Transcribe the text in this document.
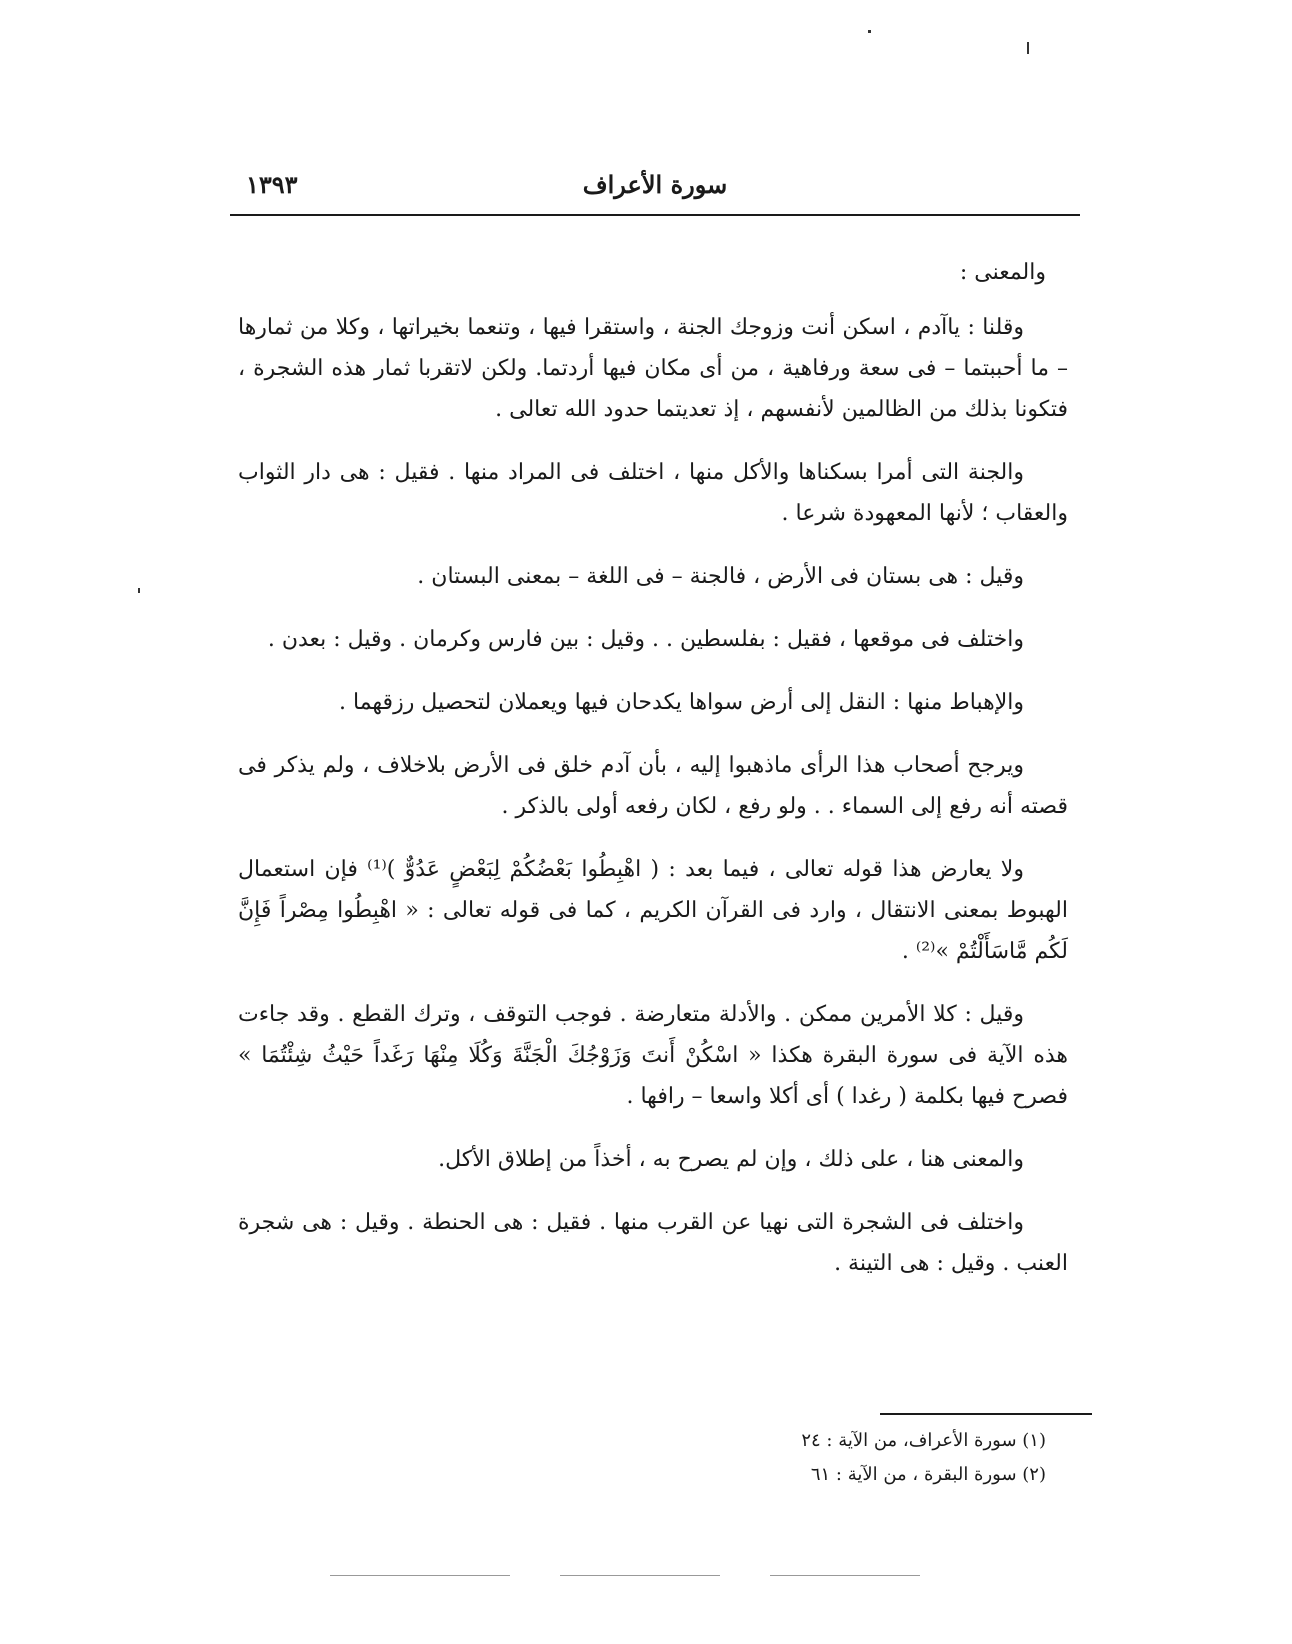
سورة الأعراف
١٣٩٣

والمعنى :

وقلنا : ياآدم ، اسكن أنت وزوجك الجنة ، واستقرا فيها ، وتنعما بخيراتها ، وكلا من ثمارها – ما أحببتما – فى سعة ورفاهية ، من أى مكان فيها أردتما. ولكن لاتقربا ثمار هذه الشجرة ، فتكونا بذلك من الظالمين لأنفسهم ، إذ تعديتما حدود الله تعالى .

والجنة التى أمرا بسكناها والأكل منها ، اختلف فى المراد منها . فقيل : هى دار الثواب والعقاب ؛ لأنها المعهودة شرعا .

وقيل : هى بستان فى الأرض ، فالجنة – فى اللغة – بمعنى البستان .

واختلف فى موقعها ، فقيل : بفلسطين . . وقيل : بين فارس وكرمان . وقيل : بعدن .

والإهباط منها : النقل إلى أرض سواها يكدحان فيها ويعملان لتحصيل رزقهما .

ويرجح أصحاب هذا الرأى ماذهبوا إليه ، بأن آدم خلق فى الأرض بلاخلاف ، ولم يذكر فى قصته أنه رفع إلى السماء . . ولو رفع ، لكان رفعه أولى بالذكر .

ولا يعارض هذا قوله تعالى ، فيما بعد : ( اهْبِطُوا بَعْضُكُمْ لِبَعْضٍ عَدُوٌّ )⁽¹⁾ فإن استعمال الهبوط بمعنى الانتقال ، وارد فى القرآن الكريم ، كما فى قوله تعالى : « اهْبِطُوا مِصْراً فَإِنَّ لَكُم مَّاسَأَلْتُمْ »⁽²⁾ .

وقيل : كلا الأمرين ممكن . والأدلة متعارضة . فوجب التوقف ، وترك القطع . وقد جاءت هذه الآية فى سورة البقرة هكذا « اسْكُنْ أَنتَ وَزَوْجُكَ الْجَنَّةَ وَكُلَا مِنْهَا رَغَداً حَيْثُ شِئْتُمَا » فصرح فيها بكلمة ( رغدا ) أى أكلا واسعا – رافها .

والمعنى هنا ، على ذلك ، وإن لم يصرح به ، أخذاً من إطلاق الأكل.

واختلف فى الشجرة التى نهيا عن القرب منها . فقيل : هى الحنطة . وقيل : هى شجرة العنب . وقيل : هى التينة .

(١) سورة الأعراف، من الآية : ٢٤
(٢) سورة البقرة ، من الآية : ٦١
